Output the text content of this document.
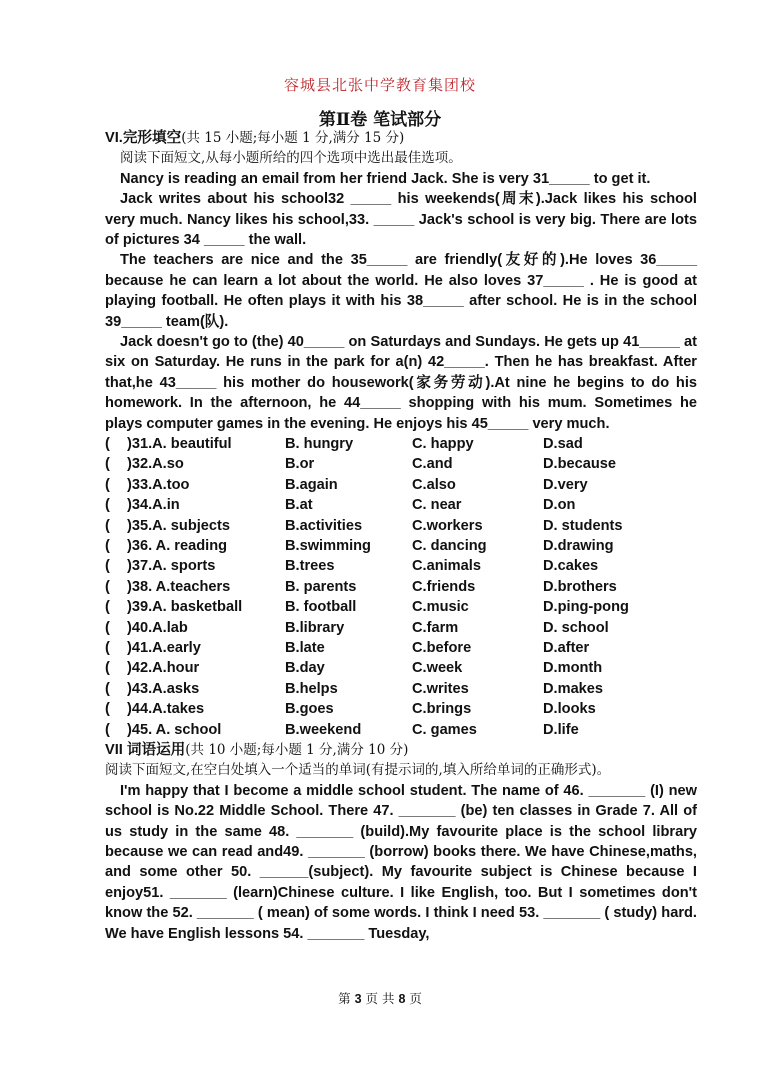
容城县北张中学教育集团校
第Ⅱ卷 笔试部分
VI.完形填空(共 15 小题;每小题 1 分,满分 15 分)
阅读下面短文,从每小题所给的四个选项中选出最佳选项。

Nancy is reading an email from her friend Jack. She is very 31_____ to get it.

Jack writes about his school32 _____ his weekends(周末).Jack likes his school very much. Nancy likes his school,33. _____ Jack's school is very big. There are lots of pictures 34 _____ the wall.

The teachers are nice and the 35_____ are friendly(友好的).He loves 36_____ because he can learn a lot about the world. He also loves 37_____ . He is good at playing football. He often plays it with his 38_____ after school. He is in the school 39_____ team(队).

Jack doesn't go to (the) 40_____ on Saturdays and Sundays. He gets up 41_____ at six on Saturday. He runs in the park for a(n) 42_____. Then he has breakfast. After that,he 43_____ his mother do housework(家务劳动).At nine he begins to do his homework. In the afternoon, he 44_____ shopping with his mum. Sometimes he plays computer games in the evening. He enjoys his 45_____ very much.

(	)31.A. beautiful	B. hungry	C. happy	D.sad
(	)32.A.so	B.or	C.and	D.because
(	)33.A.too	B.again	C.also	D.very
(	)34.A.in	B.at	C. near	D.on
(	)35.A. subjects	B.activities	C.workers	D. students
(	)36. A. reading	B.swimming	C. dancing	D.drawing
(	)37.A. sports	B.trees	C.animals	D.cakes
(	)38. A.teachers	B. parents	C.friends	D.brothers
(	)39.A. basketball	B. football	C.music	D.ping-pong
(	)40.A.lab	B.library	C.farm	D. school
(	)41.A.early	B.late	C.before	D.after
(	)42.A.hour	B.day	C.week	D.month
(	)43.A.asks	B.helps	C.writes	D.makes
(	)44.A.takes	B.goes	C.brings	D.looks
(	)45. A. school	B.weekend	C. games	D.life
VII 词语运用(共 10 小题;每小题 1 分,满分 10 分)
阅读下面短文,在空白处填入一个适当的单词(有提示词的,填入所给单词的正确形式)。

I'm happy that I become a middle school student. The name of 46. _______ (I) new school is No.22 Middle School. There 47. _______ (be) ten classes in Grade 7. All of us study in the same 48. _______ (build).My favourite place is the school library because we can read and49. _______ (borrow) books there. We have Chinese,maths, and some other 50. ______(subject). My favourite subject is Chinese because I enjoy51. _______ (learn)Chinese culture. I like English, too. But I sometimes don't know the 52. _______ ( mean) of some words. I think I need 53. _______ ( study) hard. We have English lessons 54. _______ Tuesday,

第 3 页 共 8 页
